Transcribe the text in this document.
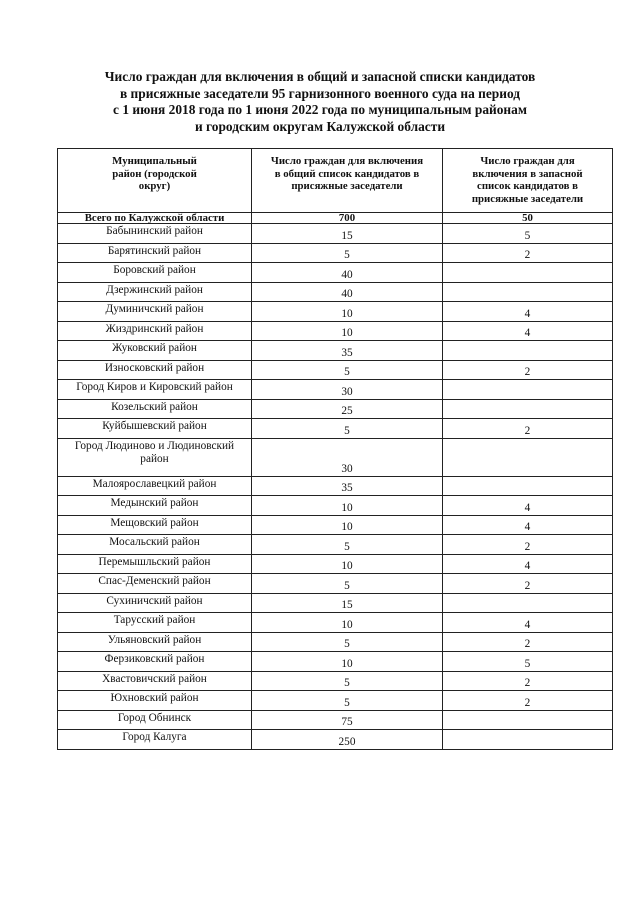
Число граждан для включения в общий и запасной списки кандидатов
в присяжные заседатели 95 гарнизонного военного суда на период
с 1 июня 2018 года по 1 июня 2022 года по муниципальным районам
и городским округам Калужской области
Муниципальный район (городской округ)	Число граждан для включения в общий список кандидатов в присяжные заседатели	Число граждан для включения в запасной список кандидатов в присяжные заседатели
Всего по Калужской области	700	50
Бабынинский район	15	5
Барятинский район	5	2
Боровский район	40	
Дзержинский район	40	
Думиничский район	10	4
Жиздринский район	10	4
Жуковский район	35	
Износковский район	5	2
Город Киров и Кировский район	30	
Козельский район	25	
Куйбышевский район	5	2
Город Людиново и Людиновский район	30	
Малоярославецкий район	35	
Медынский район	10	4
Мещовский район	10	4
Мосальский район	5	2
Перемышльский район	10	4
Спас-Деменский район	5	2
Сухиничский район	15	
Тарусский район	10	4
Ульяновский район	5	2
Ферзиковский район	10	5
Хвастовичский район	5	2
Юхновский район	5	2
Город Обнинск	75	
Город Калуга	250	
